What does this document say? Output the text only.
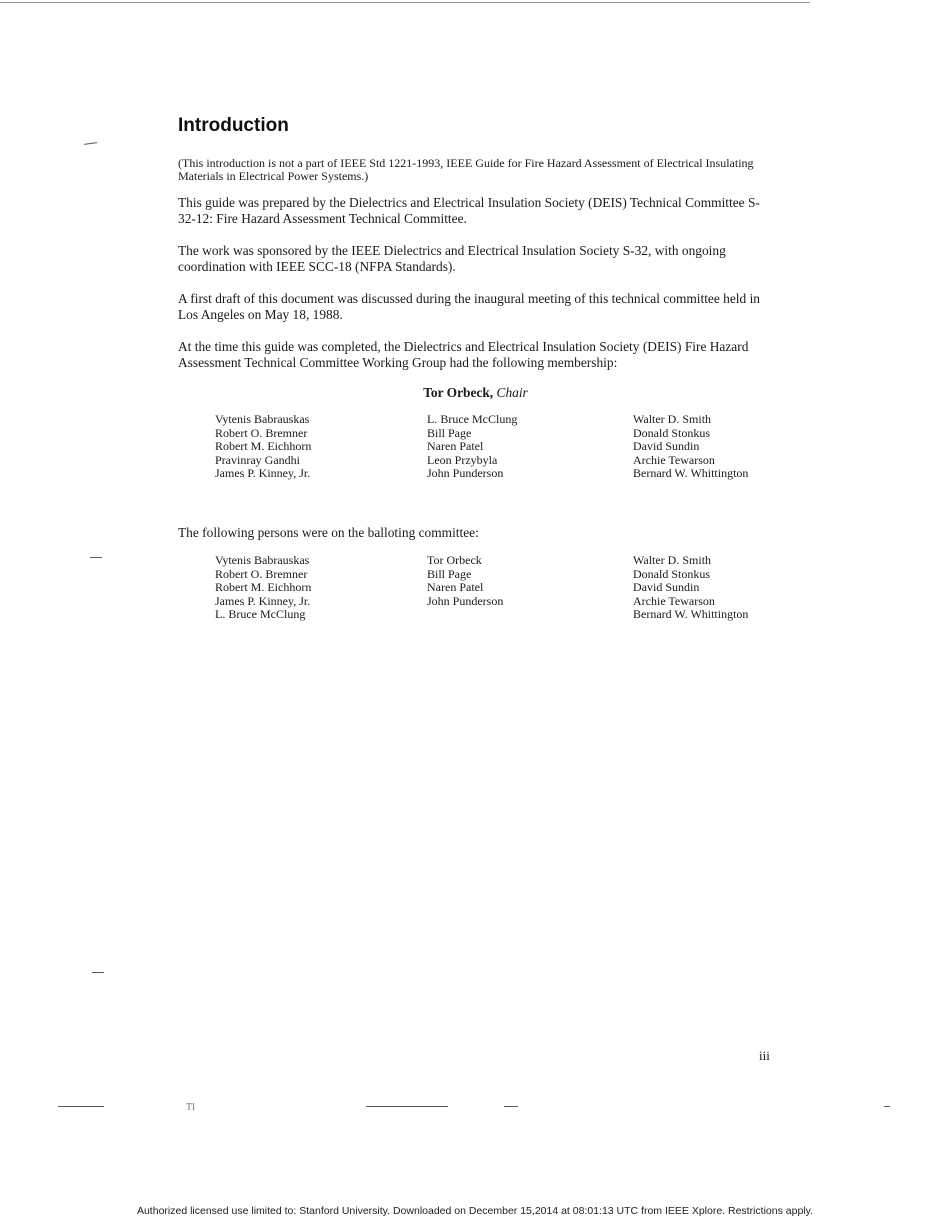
Tl
Introduction

(This introduction is not a part of IEEE Std 1221-1993, IEEE Guide for Fire Hazard Assessment of Electrical Insulating Materials in Electrical Power Systems.)

This guide was prepared by the Dielectrics and Electrical Insulation Society (DEIS) Technical Committee S-32-12: Fire Hazard Assessment Technical Committee.

The work was sponsored by the IEEE Dielectrics and Electrical Insulation Society S-32, with ongoing coordination with IEEE SCC-18 (NFPA Standards).

A first draft of this document was discussed during the inaugural meeting of this technical committee held in Los Angeles on May 18, 1988.

At the time this guide was completed, the Dielectrics and Electrical Insulation Society (DEIS) Fire Hazard Assessment Technical Committee Working Group had the following membership:

Tor Orbeck, Chair
Vytenis Babrauskas
Robert O. Bremner
Robert M. Eichhorn
Pravinray Gandhi
James P. Kinney, Jr.
L. Bruce McClung
Bill Page
Naren Patel
Leon Przybyla
John Punderson
Walter D. Smith
Donald Stonkus
David Sundin
Archie Tewarson
Bernard W. Whittington

The following persons were on the balloting committee:

Vytenis Babrauskas
Robert O. Bremner
Robert M. Eichhorn
James P. Kinney, Jr.
L. Bruce McClung
Tor Orbeck
Bill Page
Naren Patel
John Punderson
Walter D. Smith
Donald Stonkus
David Sundin
Archie Tewarson
Bernard W. Whittington
iii
Authorized licensed use limited to: Stanford University. Downloaded on December 15,2014 at 08:01:13 UTC from IEEE Xplore. Restrictions apply.
